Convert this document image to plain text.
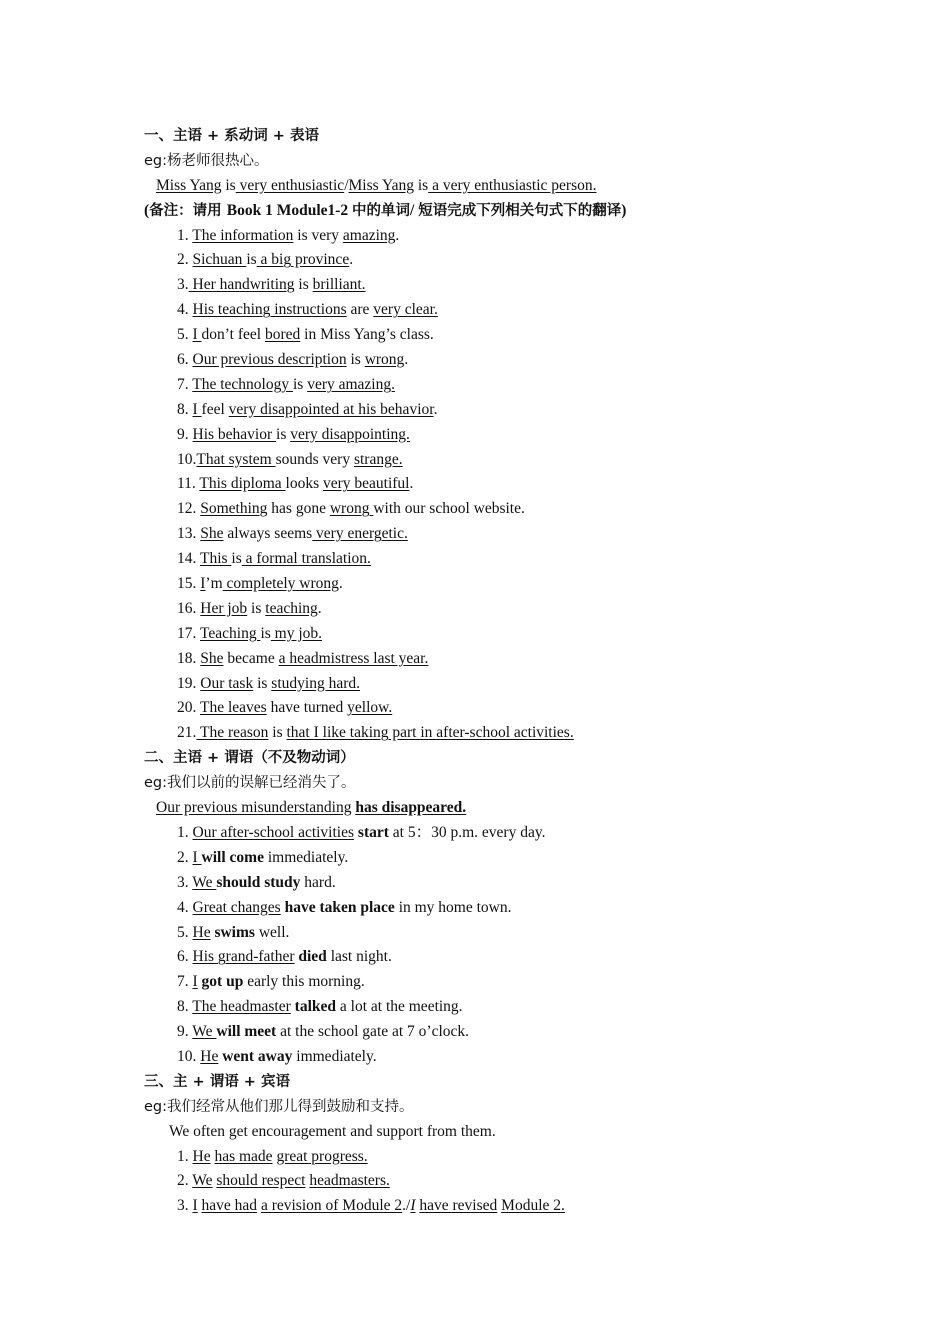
一、主语 + 系动词 + 表语
eg:杨老师很热心。
Miss Yang is very enthusiastic/Miss Yang is a very enthusiastic person.
(备注：请用 Book 1 Module1-2 中的单词/ 短语完成下列相关句式下的翻译)
1. The information is very amazing.
2. Sichuan is a big province.
3. Her handwriting is brilliant.
4. His teaching instructions are very clear.
5. I don’t feel bored in Miss Yang’s class.
6. Our previous description is wrong.
7. The technology is very amazing.
8. I feel very disappointed at his behavior.
9. His behavior is very disappointing.
10.That system sounds very strange.
11. This diploma looks very beautiful.
12. Something has gone wrong with our school website.
13. She always seems very energetic.
14. This is a formal translation.
15. I’m completely wrong.
16. Her job is teaching.
17. Teaching is my job.
18. She became a headmistress last year.
19. Our task is studying hard.
20. The leaves have turned yellow.
21. The reason is that I like taking part in after-school activities.
二、主语 + 谓语（不及物动词）
eg:我们以前的误解已经消失了。
Our previous misunderstanding has disappeared.
1. Our after-school activities start at 5：30 p.m. every day.
2. I will come immediately.
3. We should study hard.
4. Great changes have taken place in my home town.
5. He swims well.
6. His grand-father died last night.
7. I got up early this morning.
8. The headmaster talked a lot at the meeting.
9. We will meet at the school gate at 7 o’clock.
10. He went away immediately.
三、主 + 谓语 + 宾语
eg:我们经常从他们那儿得到鼓励和支持。
We often get encouragement and support from them.
1. He has made great progress.
2. We should respect headmasters.
3. I have had a revision of Module 2./I have revised Module 2.
